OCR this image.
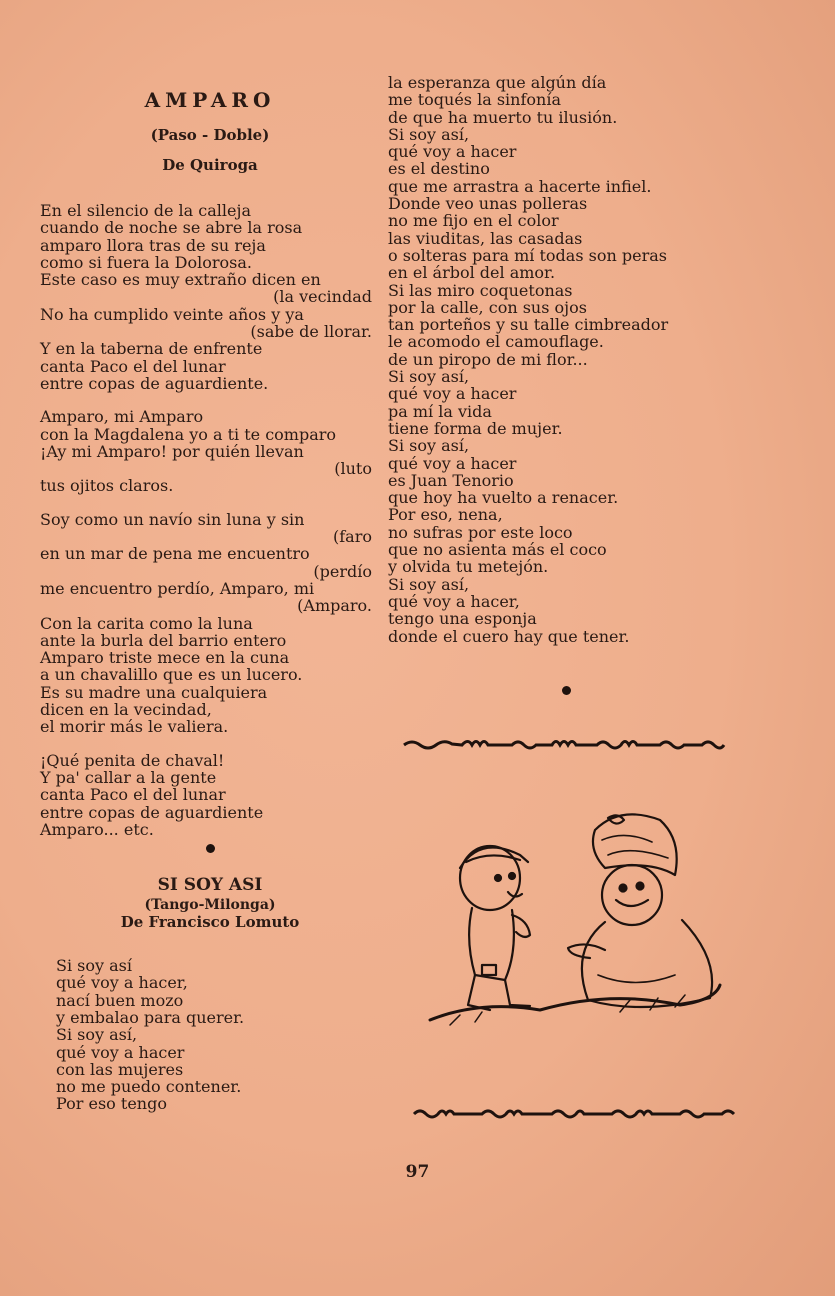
AMPARO

(Paso - Doble)

De Quiroga

En el silencio de la calleja
cuando de noche se abre la rosa
amparo llora tras de su reja
como si fuera la Dolorosa.
Este caso es muy extraño dicen en
(la vecindad
No ha cumplido veinte años y ya
(sabe de llorar.
Y en la taberna de enfrente
canta Paco el del lunar
entre copas de aguardiente.
Amparo, mi Amparo
con la Magdalena yo a ti te comparo
¡Ay mi Amparo! por quién llevan
(luto
tus ojitos claros.
Soy como un navío sin luna y sin
(faro
en un mar de pena me encuentro
(perdío
me encuentro perdío, Amparo, mi
(Amparo.
Con la carita como la luna
ante la burla del barrio entero
Amparo triste mece en la cuna
a un chavalillo que es un lucero.
Es su madre una cualquiera
dicen en la vecindad,
el morir más le valiera.
¡Qué penita de chaval!
Y pa' callar a la gente
canta Paco el del lunar
entre copas de aguardiente
Amparo... etc.

SI SOY ASI

(Tango-Milonga)

De Francisco Lomuto

Si soy así
qué voy a hacer,
nací buen mozo
y embalao para querer.
Si soy así,
qué voy a hacer
con las mujeres
no me puedo contener.
Por eso tengo
la esperanza que algún día
me toqués la sinfonía
de que ha muerto tu ilusión.
Si soy así,
qué voy a hacer
es el destino
que me arrastra a hacerte infiel.
Donde veo unas polleras
no me fijo en el color
las viuditas, las casadas
o solteras para mí todas son peras
en el árbol del amor.
Si las miro coquetonas
por la calle, con sus ojos
tan porteños y su talle cimbreador
le acomodo el camouflage.
de un piropo de mi flor...
Si soy así,
qué voy a hacer
pa mí la vida
tiene forma de mujer.
Si soy así,
qué voy a hacer
es Juan Tenorio
que hoy ha vuelto a renacer.
Por eso, nena,
no sufras por este loco
que no asienta más el coco
y olvida tu metejón.
Si soy así,
qué voy a hacer,
tengo una esponja
donde el cuero hay que tener.
97
